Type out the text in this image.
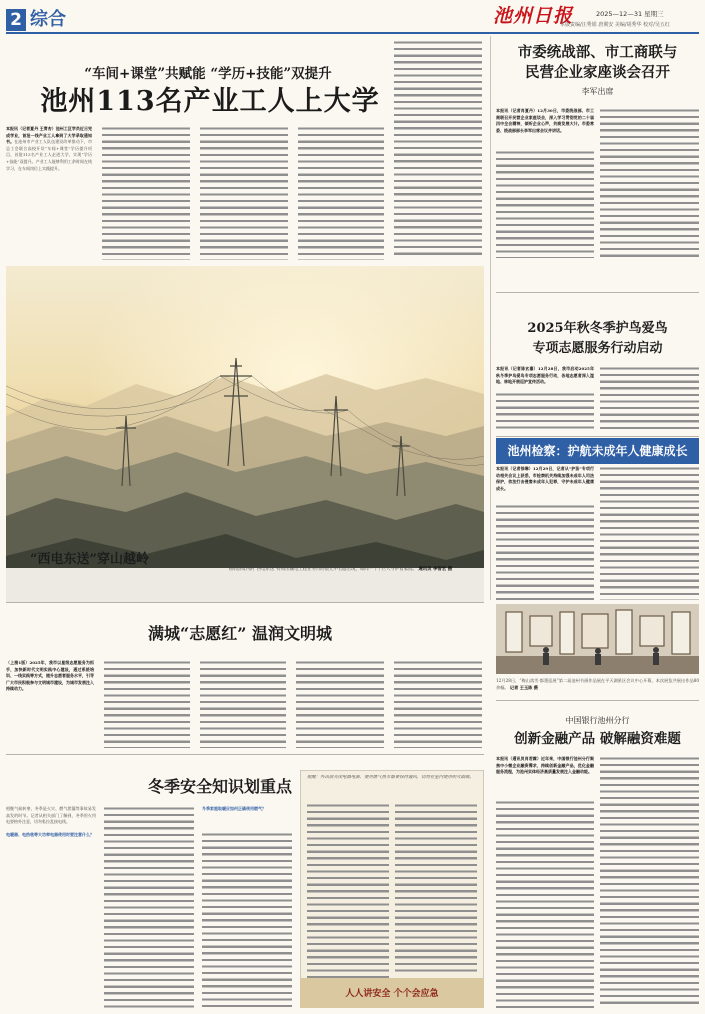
2 综合	池州日报	2025—12—31 星期三
本版责编/汪秀娟 唐翼安 美编/胡秀华 校对/吴五红
“车间+课堂”共赋能 “学历+技能”双提升
池州113名产业工人上大学
本报讯（记者夏丹 王青杏）池州工区学员近日完成学业，首批一线产业工人拿到了大学录取通知书。在池州市产业工人队伍建设改革推动下，市总工会联合高校开设“车间+课堂”学历提升项目，首批113名产业工人走进大学，实现“学历+技能”双提升。产业工人能够利用工余时间在线学习，在车间岗位上实践提升。
“西电东送”穿山越岭
青阳县境内的“西电东送”特高压输电工程在冬日的晨光中若隐若现，如同一个个巨人守护着家园。 通讯员 李智宏 摄
满城“志愿红” 温润文明城
（上接1版）2025年，我市以星级志愿服务为抓手，加快新时代文明实践中心建设，通过系统培训、一线实践等方式，提升志愿者服务水平，引导广大市民积极参与文明城市建设，为城市发展注入持续动力。
冬季安全知识划重点
相继气候转寒，冬季是火灾、燃气泄漏等事故易发高发的时节。记者从相关部门了解到，冬季用火用电要格外注意，切勿私拉乱接电线。

电暖器、电热毯等大功率电器使用时要注意什么？
冬季家庭取暖应如何正确使用燃气？
提醒：外出前关闭电器电源，使用燃气热水器要保持通风，切勿在室内使用明火取暖。
人人讲安全 个个会应急
市委统战部、市工商联与
民营企业家座谈会召开
李军出席
本报讯（记者肖夏丹）12月30日，市委统战部、市工商联召开民营企业家座谈会，深入学习贯彻党的二十届四中全会精神，倾听企业心声，共商发展大计。市委常委、统战部部长李军出席会议并讲话。
2025年秋冬季护鸟爱鸟
专项志愿服务行动启动
本报讯（记者陈玄嘉）12月28日，我市启动2025年秋冬季护鸟爱鸟专项志愿服务行动，各地志愿者深入湿地、林地开展巡护宣传活动。
池州检察：护航未成年人健康成长
本报讯（记者徐琳）12月29日，记者从“护苗”专项行动相关会议上获悉，市检察机关持续加强未成年人司法保护，依法打击侵害未成年人犯罪，守护未成年人健康成长。
12月28日，“梅山落雪·都墨巡展”第二届池州书画作品展在平天湖景区会议中心开幕，本次展览共展出作品80余幅。 记者 王玉陈 摄
中国银行池州分行
创新金融产品 破解融资难题
本报讯（通讯员肖若霖）近年来，中国银行池州分行聚焦中小微企业融资需求，持续创新金融产品，优化金融服务流程，为池州实体经济高质量发展注入金融动能。
